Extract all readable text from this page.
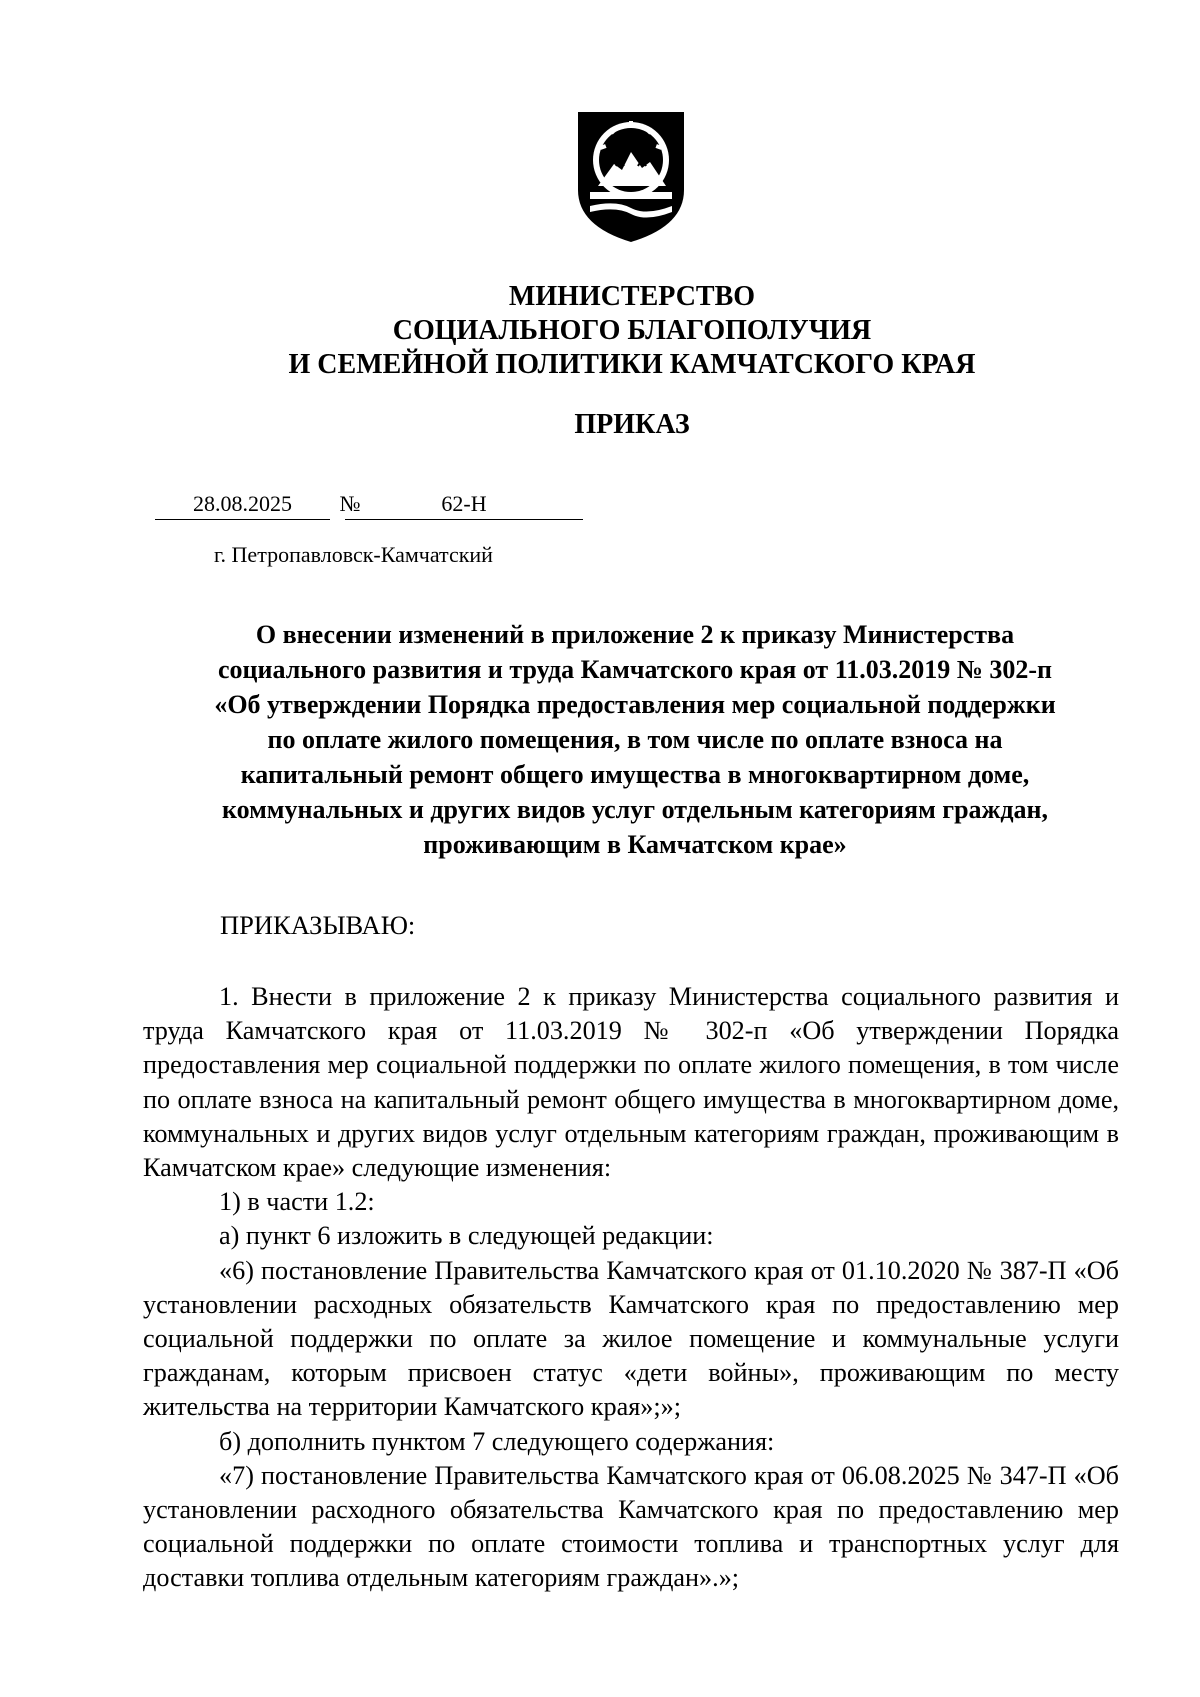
МИНИСТЕРСТВО
СОЦИАЛЬНОГО БЛАГОПОЛУЧИЯ
И СЕМЕЙНОЙ ПОЛИТИКИ КАМЧАТСКОГО КРАЯ
ПРИКАЗ
28.08.2025	№	62-Н
г. Петропавловск-Камчатский
О внесении изменений в приложение 2 к приказу Министерства
социального развития и труда Камчатского края от 11.03.2019 № 302-п
«Об утверждении Порядка предоставления мер социальной поддержки
по оплате жилого помещения, в том числе по оплате взноса на
капитальный ремонт общего имущества в многоквартирном доме,
коммунальных и других видов услуг отдельным категориям граждан,
проживающим в Камчатском крае»
ПРИКАЗЫВАЮ:

1. Внести в приложение 2 к приказу Министерства социального развития и труда Камчатского края от 11.03.2019 № 302-п «Об утверждении Порядка предоставления мер социальной поддержки по оплате жилого помещения, в том числе по оплате взноса на капитальный ремонт общего имущества в многоквартирном доме, коммунальных и других видов услуг отдельным категориям граждан, проживающим в Камчатском крае» следующие изменения:

1) в части 1.2:

а) пункт 6 изложить в следующей редакции:

«6) постановление Правительства Камчатского края от 01.10.2020 № 387-П «Об установлении расходных обязательств Камчатского края по предоставлению мер социальной поддержки по оплате за жилое помещение и коммунальные услуги гражданам, которым присвоен статус «дети войны», проживающим по месту жительства на территории Камчатского края»;»;

б) дополнить пунктом 7 следующего содержания:

«7) постановление Правительства Камчатского края от 06.08.2025 № 347-П «Об установлении расходного обязательства Камчатского края по предоставлению мер социальной поддержки по оплате стоимости топлива и транспортных услуг для доставки топлива отдельным категориям граждан».»;
